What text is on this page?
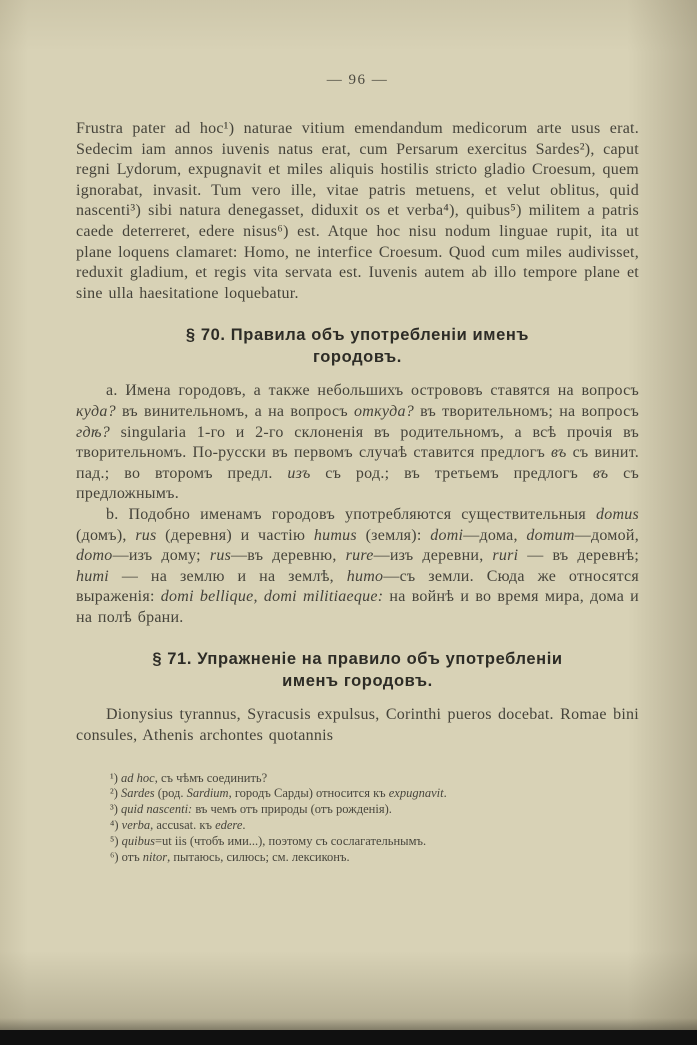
— 96 —

Frustra pater ad hoc¹) naturae vitium emendandum medicorum arte usus erat. Sedecim iam annos iuvenis natus erat, cum Persarum exercitus Sardes²), caput regni Lydorum, expugnavit et miles aliquis hostilis stricto gladio Croesum, quem ignorabat, invasit. Tum vero ille, vitae patris metuens, et velut oblitus, quid nascenti³) sibi natura denegasset, diduxit os et verba⁴), quibus⁵) militem a patris caede deterreret, edere nisus⁶) est. Atque hoc nisu nodum linguae rupit, ita ut plane loquens clamaret: Homo, ne interfice Croesum. Quod cum miles audivisset, reduxit gladium, et regis vita servata est. Iuvenis autem ab illo tempore plane et sine ulla haesitatione loquebatur.

§ 70. Правила объ употребленіи именъ
городовъ.

a. Имена городовъ, а также небольшихъ острововъ ставятся на вопросъ куда? въ винительномъ, а на вопросъ откуда? въ творительномъ; на вопросъ гдѣ? singularia 1-го и 2-го склоненія въ родительномъ, а всѣ прочія въ творительномъ. По-русски въ первомъ случаѣ ставится предлогъ въ съ винит. пад.; во второмъ предл. изъ съ род.; въ третьемъ предлогъ въ съ предложнымъ.

b. Подобно именамъ городовъ употребляются существительныя domus (домъ), rus (деревня) и частію humus (земля): domi—дома, domum—домой, domo—изъ дому; rus—въ деревню, rure—изъ деревни, ruri — въ деревнѣ; humi — на землю и на землѣ, humo—съ земли. Сюда же относятся выраженія: domi bellique, domi militiaeque: на войнѣ и во время мира, дома и на полѣ брани.

§ 71. Упражненіе на правило объ употребленіи
именъ городовъ.

Dionysius tyrannus, Syracusis expulsus, Corinthi pueros docebat. Romae bini consules, Athenis archontes quotannis

¹) ad hoc, съ чѣмъ соединить?
²) Sardes (род. Sardium, городъ Сарды) относится къ expugnavit.
³) quid nascenti: въ чемъ отъ природы (отъ рожденія).
⁴) verba, accusat. къ edere.
⁵) quibus=ut iis (чтобъ ими...), поэтому съ сослагательнымъ.
⁶) отъ nitor, пытаюсь, силюсь; см. лексиконъ.
